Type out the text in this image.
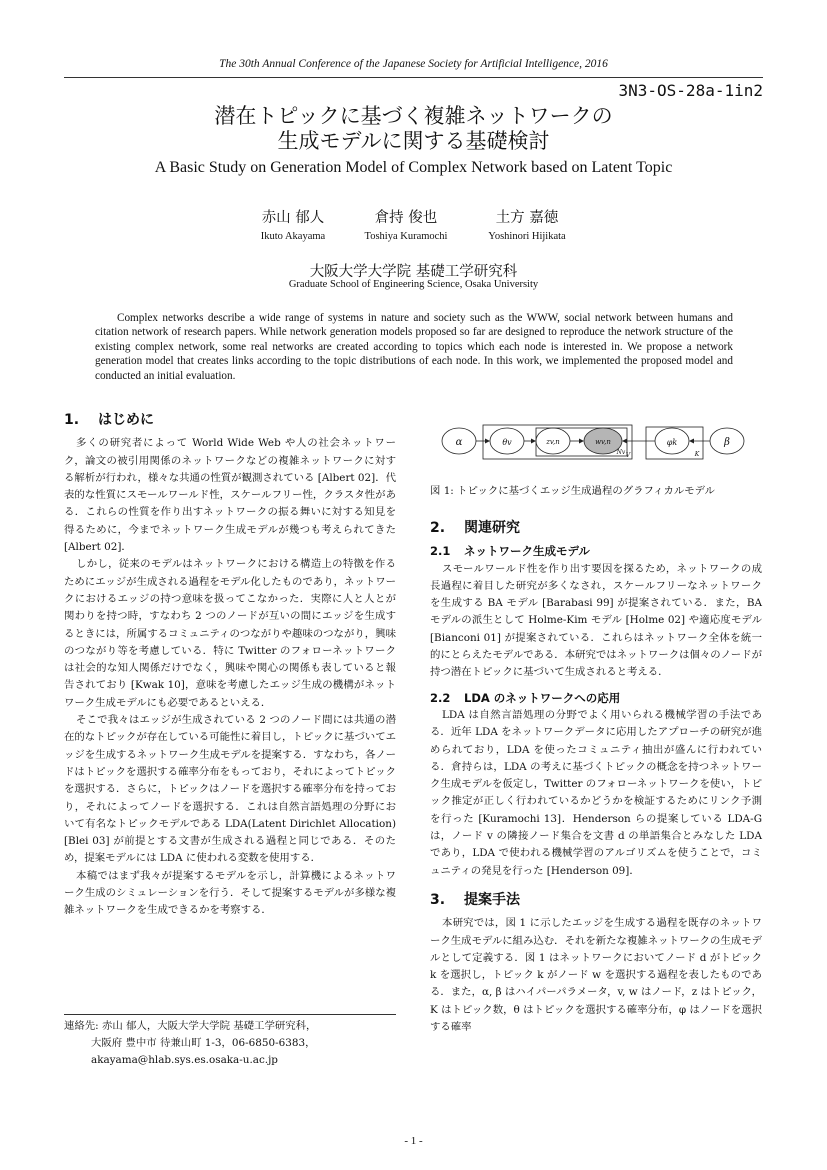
The 30th Annual Conference of the Japanese Society for Artificial Intelligence, 2016
3N3-OS-28a-1in2
潜在トピックに基づく複雑ネットワークの
生成モデルに関する基礎検討
A Basic Study on Generation Model of Complex Network based on Latent Topic
赤山 郁人
Ikuto Akayama
倉持 俊也
Toshiya Kuramochi
土方 嘉徳
Yoshinori Hijikata
大阪大学大学院 基礎工学研究科
Graduate School of Engineering Science, Osaka University
Complex networks describe a wide range of systems in nature and society such as the WWW, social network between humans and citation network of research papers. While network generation models proposed so far are designed to reproduce the network structure of the existing complex network, some real networks are created according to topics which each node is interested in. We propose a network generation model that creates links according to the topic distributions of each node. In this work, we implemented the proposed model and conducted an initial evaluation.
1. はじめに

多くの研究者によって World Wide Web や人の社会ネットワーク，論文の被引用関係のネットワークなどの複雑ネットワークに対する解析が行われ，様々な共通の性質が観測されている [Albert 02]．代表的な性質にスモールワールド性，スケールフリー性，クラスタ性がある．これらの性質を作り出すネットワークの振る舞いに対する知見を得るために，今までネットワーク生成モデルが幾つも考えられてきた [Albert 02]．

しかし，従来のモデルはネットワークにおける構造上の特徴を作るためにエッジが生成される過程をモデル化したものであり，ネットワークにおけるエッジの持つ意味を扱ってこなかった．実際に人と人とが関わりを持つ時，すなわち 2 つのノードが互いの間にエッジを生成するときには，所属するコミュニティのつながりや趣味のつながり，興味のつながり等を考慮している．特に Twitter のフォローネットワークは社会的な知人関係だけでなく，興味や関心の関係も表していると報告されており [Kwak 10]，意味を考慮したエッジ生成の機構がネットワーク生成モデルにも必要であるといえる．

そこで我々はエッジが生成されている 2 つのノード間には共通の潜在的なトピックが存在している可能性に着目し，トピックに基づいてエッジを生成するネットワーク生成モデルを提案する．すなわち，各ノードはトピックを選択する確率分布をもっており，それによってトピックを選択する．さらに，トピックはノードを選択する確率分布を持っており，それによってノードを選択する．これは自然言語処理の分野において有名なトピックモデルである LDA(Latent Dirichlet Allocation)[Blei 03] が前提とする文書が生成される過程と同じである．そのため，提案モデルには LDA に使われる変数を使用する．

本稿ではまず我々が提案するモデルを示し，計算機によるネットワーク生成のシミュレーションを行う．そして提案するモデルが多様な複雑ネットワークを生成できるかを考察する．

α	θv	zv,n	wv,n	φk	β
Nv V	K
図 1: トピックに基づくエッジ生成過程のグラフィカルモデル
2. 関連研究
2.1 ネットワーク生成モデル

スモールワールド性を作り出す要因を探るため，ネットワークの成長過程に着目した研究が多くなされ，スケールフリーなネットワークを生成する BA モデル [Barabasi 99] が提案されている．また，BA モデルの派生として Holme-Kim モデル [Holme 02] や適応度モデル [Bianconi 01] が提案されている．これらはネットワーク全体を統一的にとらえたモデルである．本研究ではネットワークは個々のノードが持つ潜在トピックに基づいて生成されると考える．

2.2 LDA のネットワークへの応用

LDA は自然言語処理の分野でよく用いられる機械学習の手法である．近年 LDA をネットワークデータに応用したアプローチの研究が進められており，LDA を使ったコミュニティ抽出が盛んに行われている．倉持らは，LDA の考えに基づくトピックの概念を持つネットワーク生成モデルを仮定し，Twitter のフォローネットワークを使い，トピック推定が正しく行われているかどうかを検証するためにリンク予測を行った [Kuramochi 13]．Henderson らの提案している LDA-G は，ノード v の隣接ノード集合を文書 d の単語集合とみなした LDA であり，LDA で使われる機械学習のアルゴリズムを使うことで，コミュニティの発見を行った [Henderson 09]．

3. 提案手法

本研究では，図 1 に示したエッジを生成する過程を既存のネットワーク生成モデルに組み込む．それを新たな複雑ネットワークの生成モデルとして定義する．図 1 はネットワークにおいてノード d がトピック k を選択し，トピック k がノード w を選択する過程を表したものである．また，α, β はハイパーパラメータ，v, w はノード，z はトピック，K はトピック数，θ はトピックを選択する確率分布，φ はノードを選択する確率

連絡先: 赤山 郁人，大阪大学大学院 基礎工学研究科，
大阪府 豊中市 待兼山町 1-3，06-6850-6383，
akayama@hlab.sys.es.osaka-u.ac.jp
- 1 -
